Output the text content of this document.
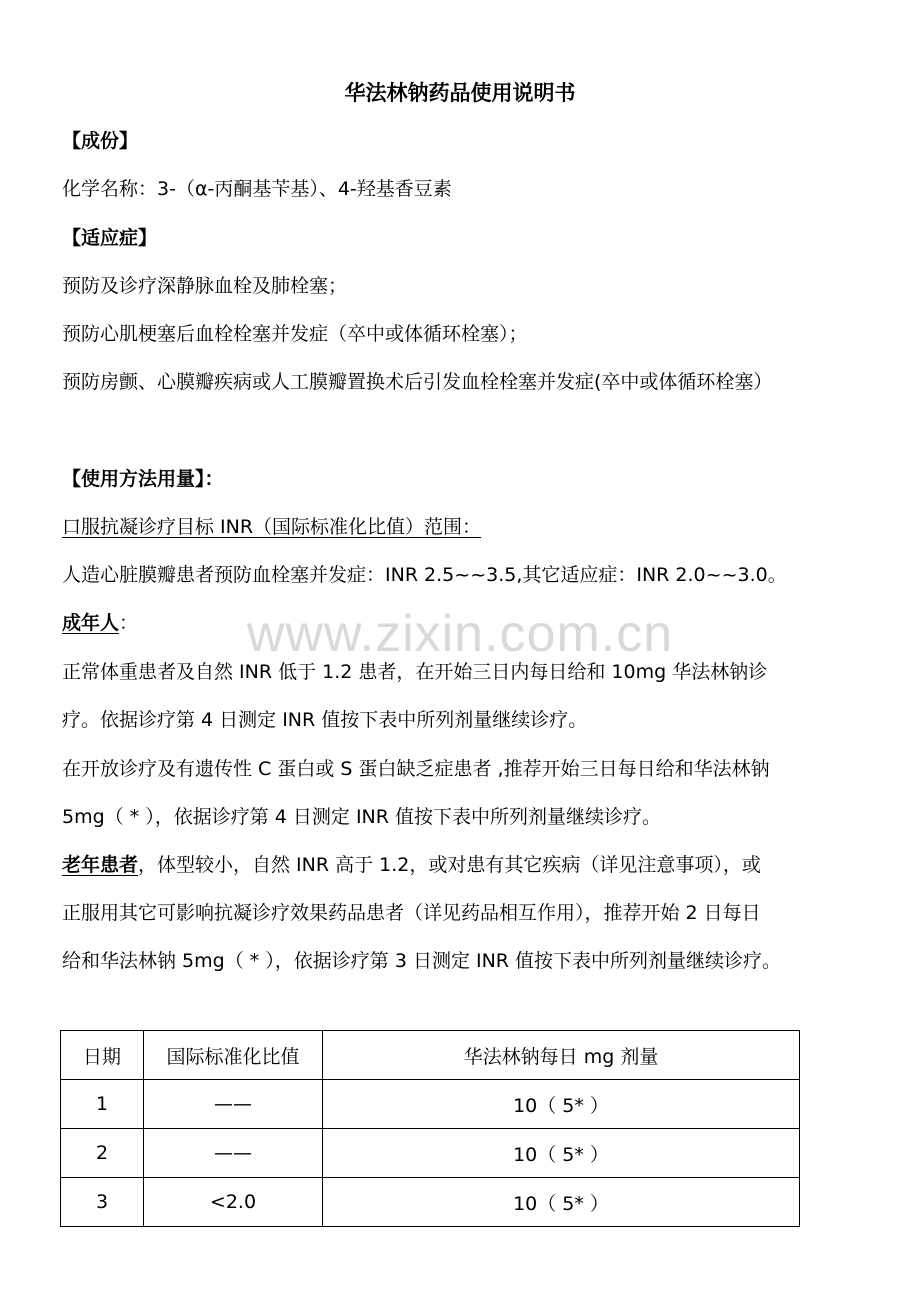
www.zixin.com.cn
华法林钠药品使用说明书
【成份】
化学名称：3-（α-丙酮基苄基）、4-羟基香豆素
【适应症】
预防及诊疗深静脉血栓及肺栓塞；
预防心肌梗塞后血栓栓塞并发症（卒中或体循环栓塞）；
预防房颤、心膜瓣疾病或人工膜瓣置换术后引发血栓栓塞并发症(卒中或体循环栓塞）
【使用方法用量】：
口服抗凝诊疗目标 INR（国际标准化比值）范围：
人造心脏膜瓣患者预防血栓塞并发症：INR 2.5~~3.5,其它适应症：INR 2.0~~3.0。
成年人：
正常体重患者及自然 INR 低于 1.2 患者，在开始三日内每日给和 10mg 华法林钠诊
疗。依据诊疗第 4 日测定 INR 值按下表中所列剂量继续诊疗。
在开放诊疗及有遗传性 C 蛋白或 S 蛋白缺乏症患者 ,推荐开始三日每日给和华法林钠
5mg（ * ），依据诊疗第 4 日测定 INR 值按下表中所列剂量继续诊疗。
老年患者，体型较小，自然 INR 高于 1.2，或对患有其它疾病（详见注意事项），或
正服用其它可影响抗凝诊疗效果药品患者（详见药品相互作用），推荐开始 2 日每日
给和华法林钠 5mg（ * ），依据诊疗第 3 日测定 INR 值按下表中所列剂量继续诊疗。
日期	国际标准化比值	华法林钠每日 mg 剂量
1	——	10（ 5* ）
2	——	10（ 5* ）
3	<2.0	10（ 5* ）
